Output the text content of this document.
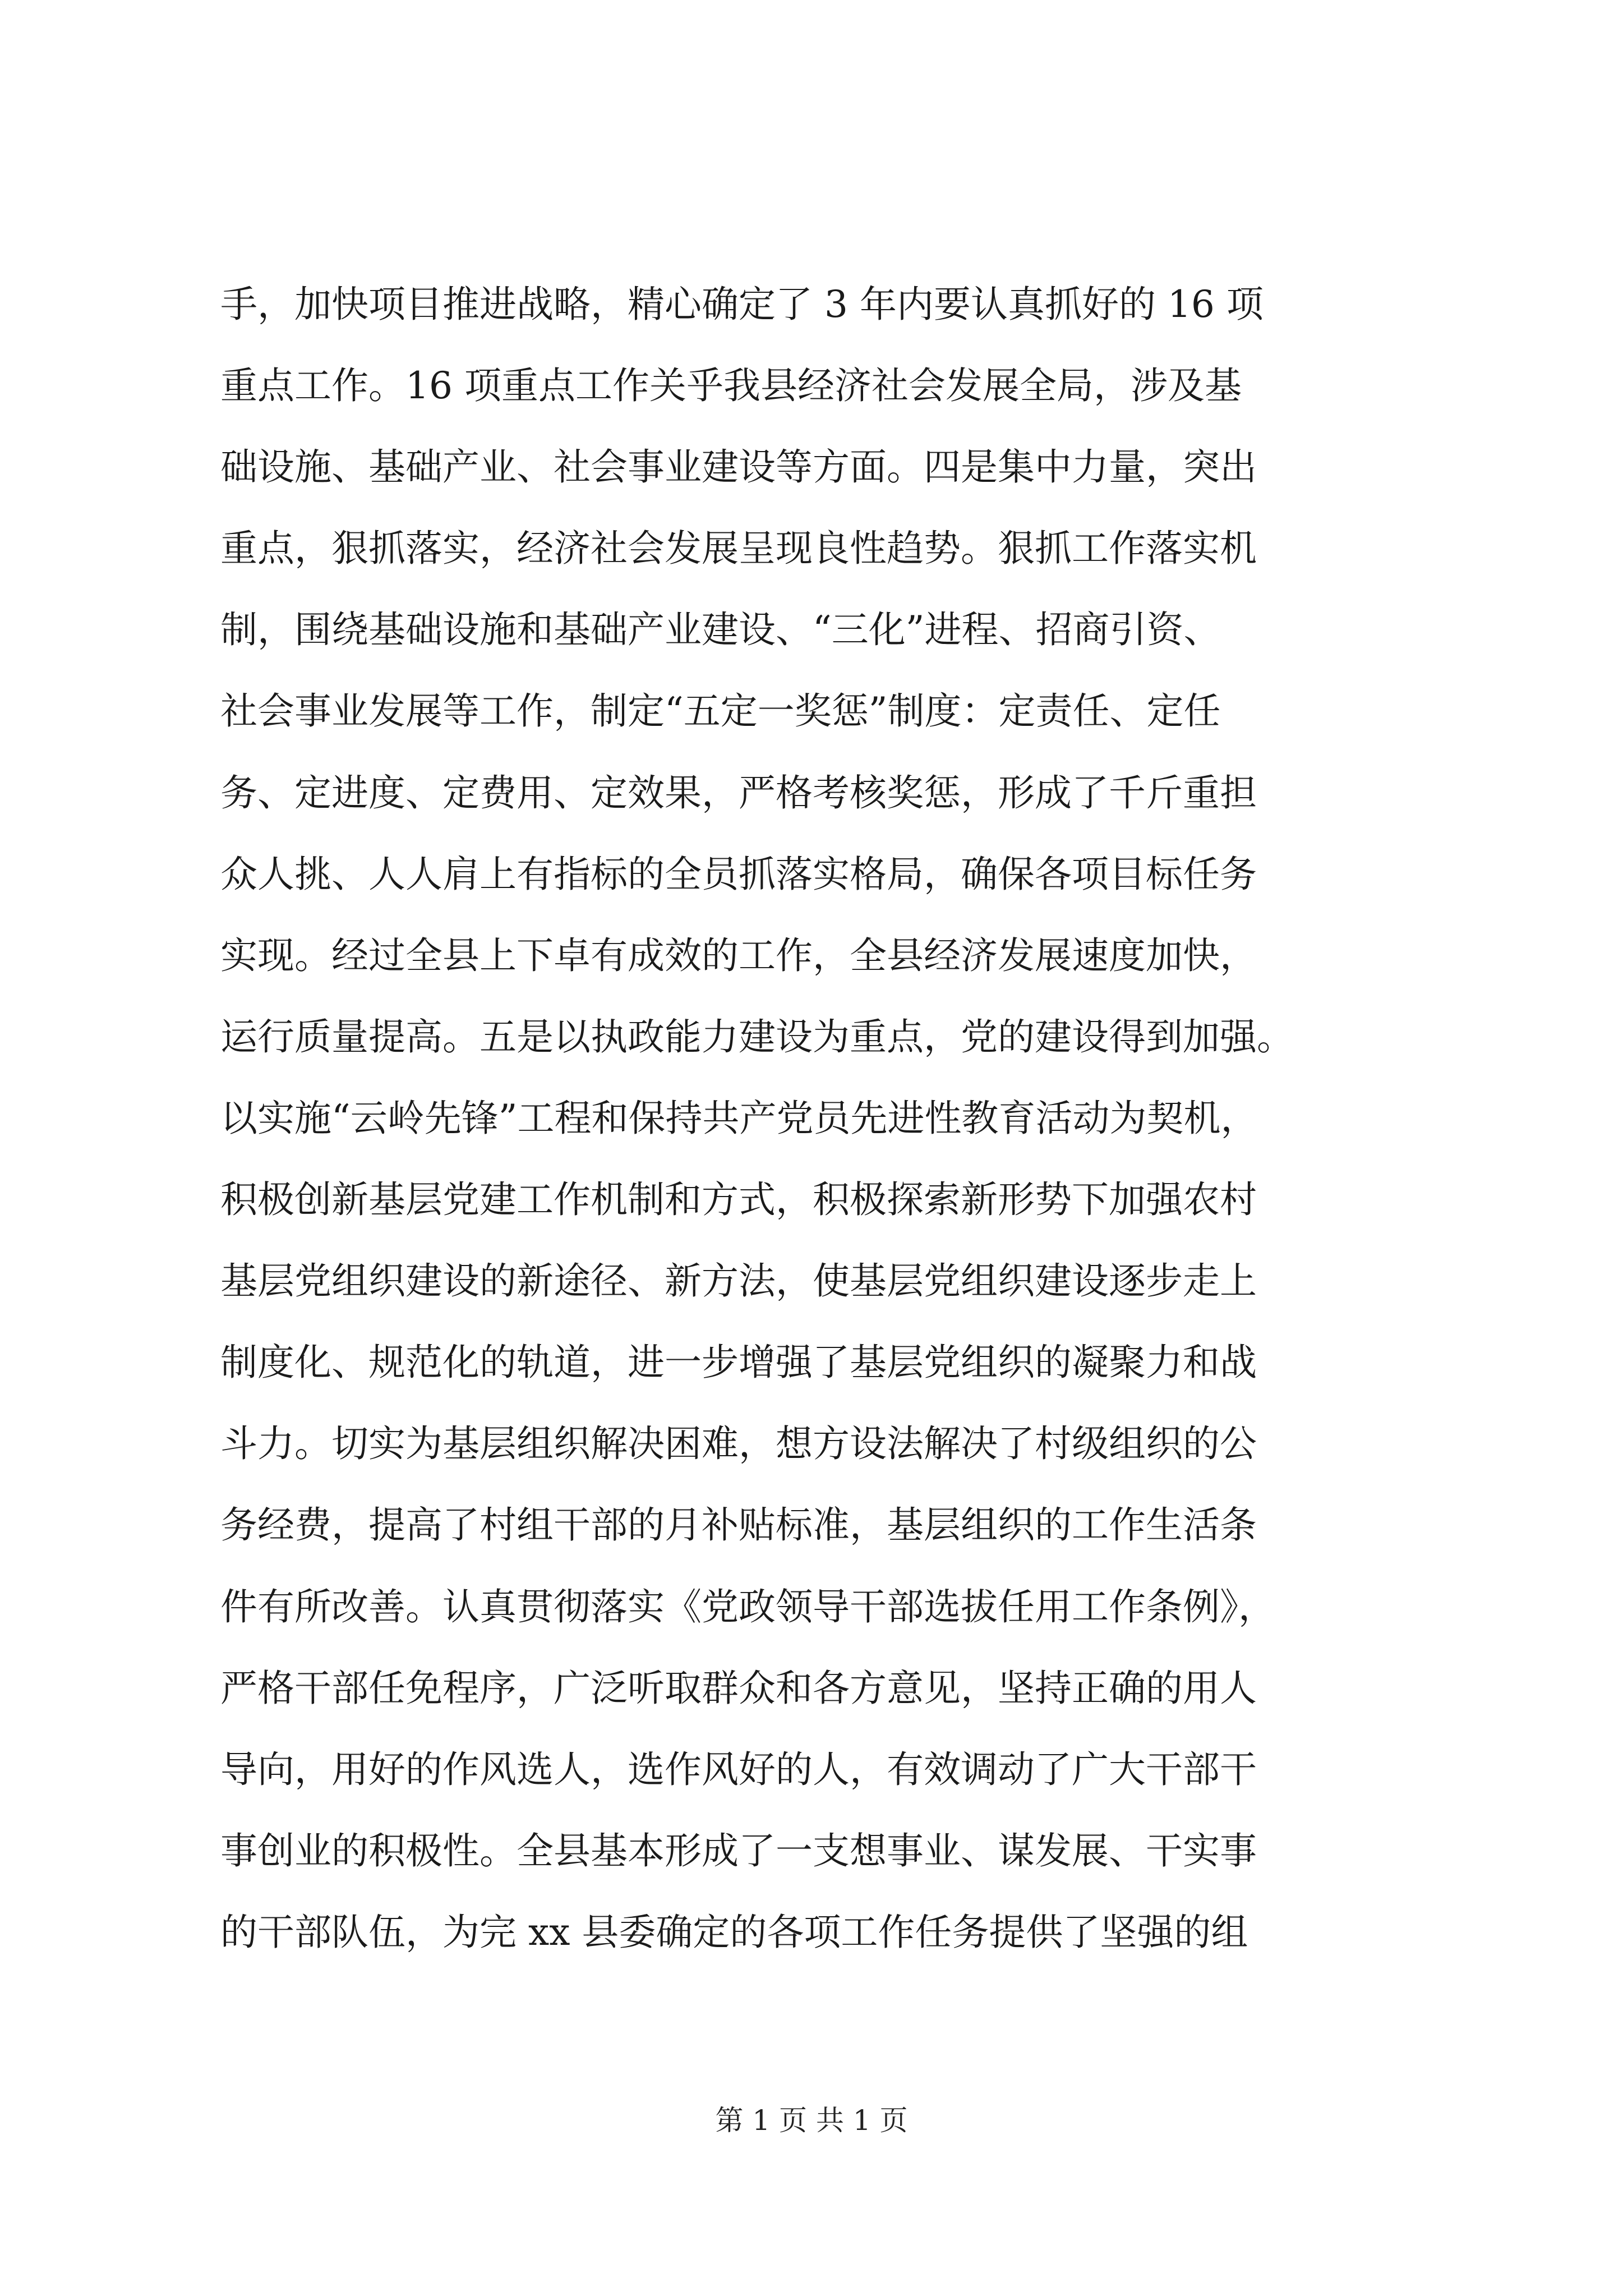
手，加快项目推进战略，精心确定了 3 年内要认真抓好的 16 项
重点工作。16 项重点工作关乎我县经济社会发展全局，涉及基
础设施、基础产业、社会事业建设等方面。四是集中力量，突出
重点，狠抓落实，经济社会发展呈现良性趋势。狠抓工作落实机
制，围绕基础设施和基础产业建设、“三化”进程、招商引资、
社会事业发展等工作，制定“五定一奖惩”制度：定责任、定任
务、定进度、定费用、定效果，严格考核奖惩，形成了千斤重担
众人挑、人人肩上有指标的全员抓落实格局，确保各项目标任务
实现。经过全县上下卓有成效的工作，全县经济发展速度加快，
运行质量提高。五是以执政能力建设为重点，党的建设得到加强。
以实施“云岭先锋”工程和保持共产党员先进性教育活动为契机，
积极创新基层党建工作机制和方式，积极探索新形势下加强农村
基层党组织建设的新途径、新方法，使基层党组织建设逐步走上
制度化、规范化的轨道，进一步增强了基层党组织的凝聚力和战
斗力。切实为基层组织解决困难，想方设法解决了村级组织的公
务经费，提高了村组干部的月补贴标准，基层组织的工作生活条
件有所改善。认真贯彻落实《党政领导干部选拔任用工作条例》，
严格干部任免程序，广泛听取群众和各方意见，坚持正确的用人
导向，用好的作风选人，选作风好的人，有效调动了广大干部干
事创业的积极性。全县基本形成了一支想事业、谋发展、干实事
的干部队伍，为完 xx 县委确定的各项工作任务提供了坚强的组
第 1 页 共 1 页
